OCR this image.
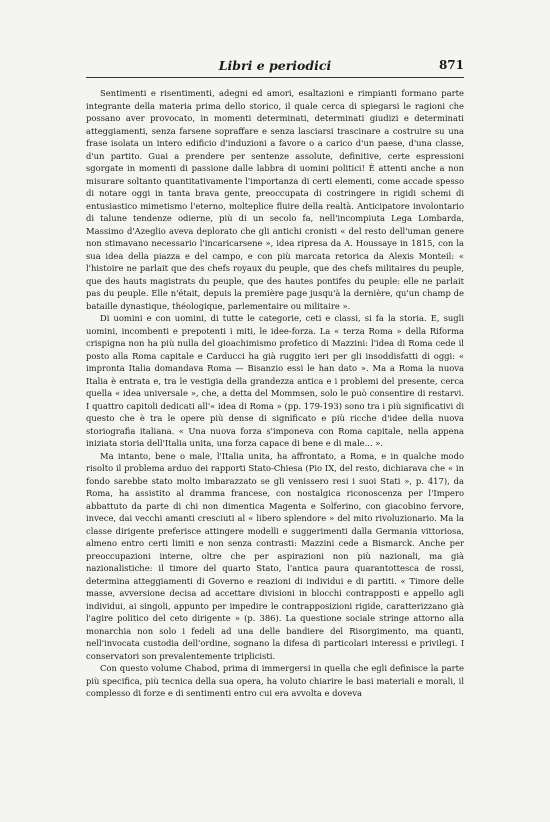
Libri e periodici	871

Sentimenti e risentimenti, adegni ed amori, esaltazioni e rimpianti formano parte integrante della materia prima dello storico, il quale cerca di spiegarsi le ragioni che possano aver provocato, in momenti determinati, determinati giudizi e determinati atteggiamenti, senza farsene sopraffare e senza lasciarsi trascinare a costruire su una frase isolata un intero edificio d'induzioni a favore o a carico d'un paese, d'una classe, d'un partito. Guai a prendere per sentenze assolute, definitive, certe espressioni sgorgate in momenti di passione dalle labbra di uomini politici! È attenti anche a non misurare soltanto quantitativamente l'importanza di certi elementi, come accade spesso di notare oggi in tanta brava gente, preoccupata di costringere in rigidi schemi di entusiastico mimetismo l'eterno, molteplice fluire della realtà. Anticipatore involontario di talune tendenze odierne, più di un secolo fa, nell'incompiuta Lega Lombarda, Massimo d'Azeglio aveva deplorato che gli antichi cronisti « del resto dell'uman genere non stimavano necessario l'incaricarsene », idea ripresa da A. Houssaye in 1815, con la sua idea della piazza e del campo, e con più marcata retorica da Alexis Monteil: « l'histoire ne parlait que des chefs royaux du peuple, que des chefs militaires du peuple, que des hauts magistrats du peuple, que des hautes pontifes du peuple: elle ne parlait pas du peuple. Elle n'était, depuis la première page jusqu'à la dernière, qu'un champ de bataille dynastique, théologique, parlementaire ou militaire ».

Di uomini e con uomini, di tutte le categorie, ceti e classi, si fa la storia. E, sugli uomini, incombenti e prepotenti i miti, le idee-forza. La « terza Roma » della Riforma crispigna non ha più nulla del gioachimismo profetico di Mazzini: l'idea di Roma cede il posto alla Roma capitale e Carducci ha già ruggito ieri per gli insoddisfatti di oggi: « impronta Italia domandava Roma — Bisanzio essi le han dato ». Ma a Roma la nuova Italia è entrata e, tra le vestigia della grandezza antica e i problemi del presente, cerca quella « idea universale », che, a detta del Mommsen, solo le può consentire di restarvi. I quattro capitoli dedicati all'« idea di Roma » (pp. 179-193) sono tra i più significativi di questo che è tra le opere più dense di significato e più ricche d'idee della nuova storiografia italiana. « Una nuova forza s'imponeva con Roma capitale, nella appena iniziata storia dell'Italia unita, una forza capace di bene e di male... ».

Ma intanto, bene o male, l'Italia unita, ha affrontato, a Roma, e in qualche modo risolto il problema arduo dei rapporti Stato-Chiesa (Pio IX, del resto, dichiarava che « in fondo sarebbe stato molto imbarazzato se gli venissero resi i suoi Stati », p. 417), da Roma, ha assistito al dramma francese, con nostalgica riconoscenza per l'Impero abbattuto da parte di chi non dimentica Magenta e Solferino, con giacobino fervore, invece, dai vecchi amanti cresciuti al « libero splendore » del mito rivoluzionario. Ma la classe dirigente preferisce attingere modelli e suggerimenti dalla Germania vittoriosa, almeno entro certi limiti e non senza contrasti: Mazzini cede a Bismarck. Anche per preoccupazioni interne, oltre che per aspirazioni non più nazionali, ma già nazionalistiche: il timore del quarto Stato, l'antica paura quarantottesca de rossi, determina atteggiamenti di Governo e reazioni di individui e di partiti. « Timore delle masse, avversione decisa ad accettare divisioni in blocchi contrapposti e appello agli individui, ai singoli, appunto per impedire le contrapposizioni rigide, caratterizzano già l'agire politico del ceto dirigente » (p. 386). La questione sociale stringe attorno alla monarchia non solo i fedeli ad una delle bandiere del Risorgimento, ma quanti, nell'invocata custodia dell'ordine, sognano la difesa di particolari interessi e privilegi. I conservatori son prevalentemente triplicisti.

Con questo volume Chabod, prima di immergersi in quella che egli definisce la parte più specifica, più tecnica della sua opera, ha voluto chiarire le basi materiali e morali, il complesso di forze e di sentimenti entro cui era avvolta e doveva
